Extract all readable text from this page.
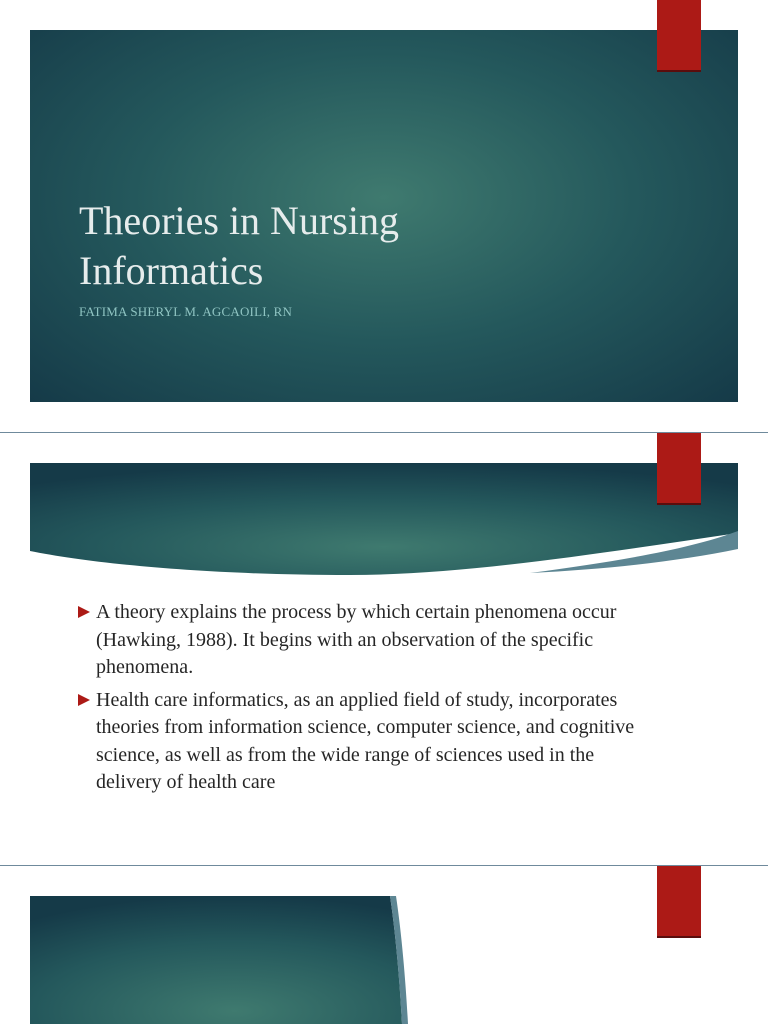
Theories in Nursing
Informatics

FATIMA SHERYL M. AGCAOILI, RN

A theory explains the process by which certain phenomena occur (Hawking, 1988). It begins with an observation of the specific phenomena.
Health care informatics, as an applied field of study, incorporates theories from information science, computer science, and cognitive science, as well as from the wide range of sciences used in the delivery of health care
